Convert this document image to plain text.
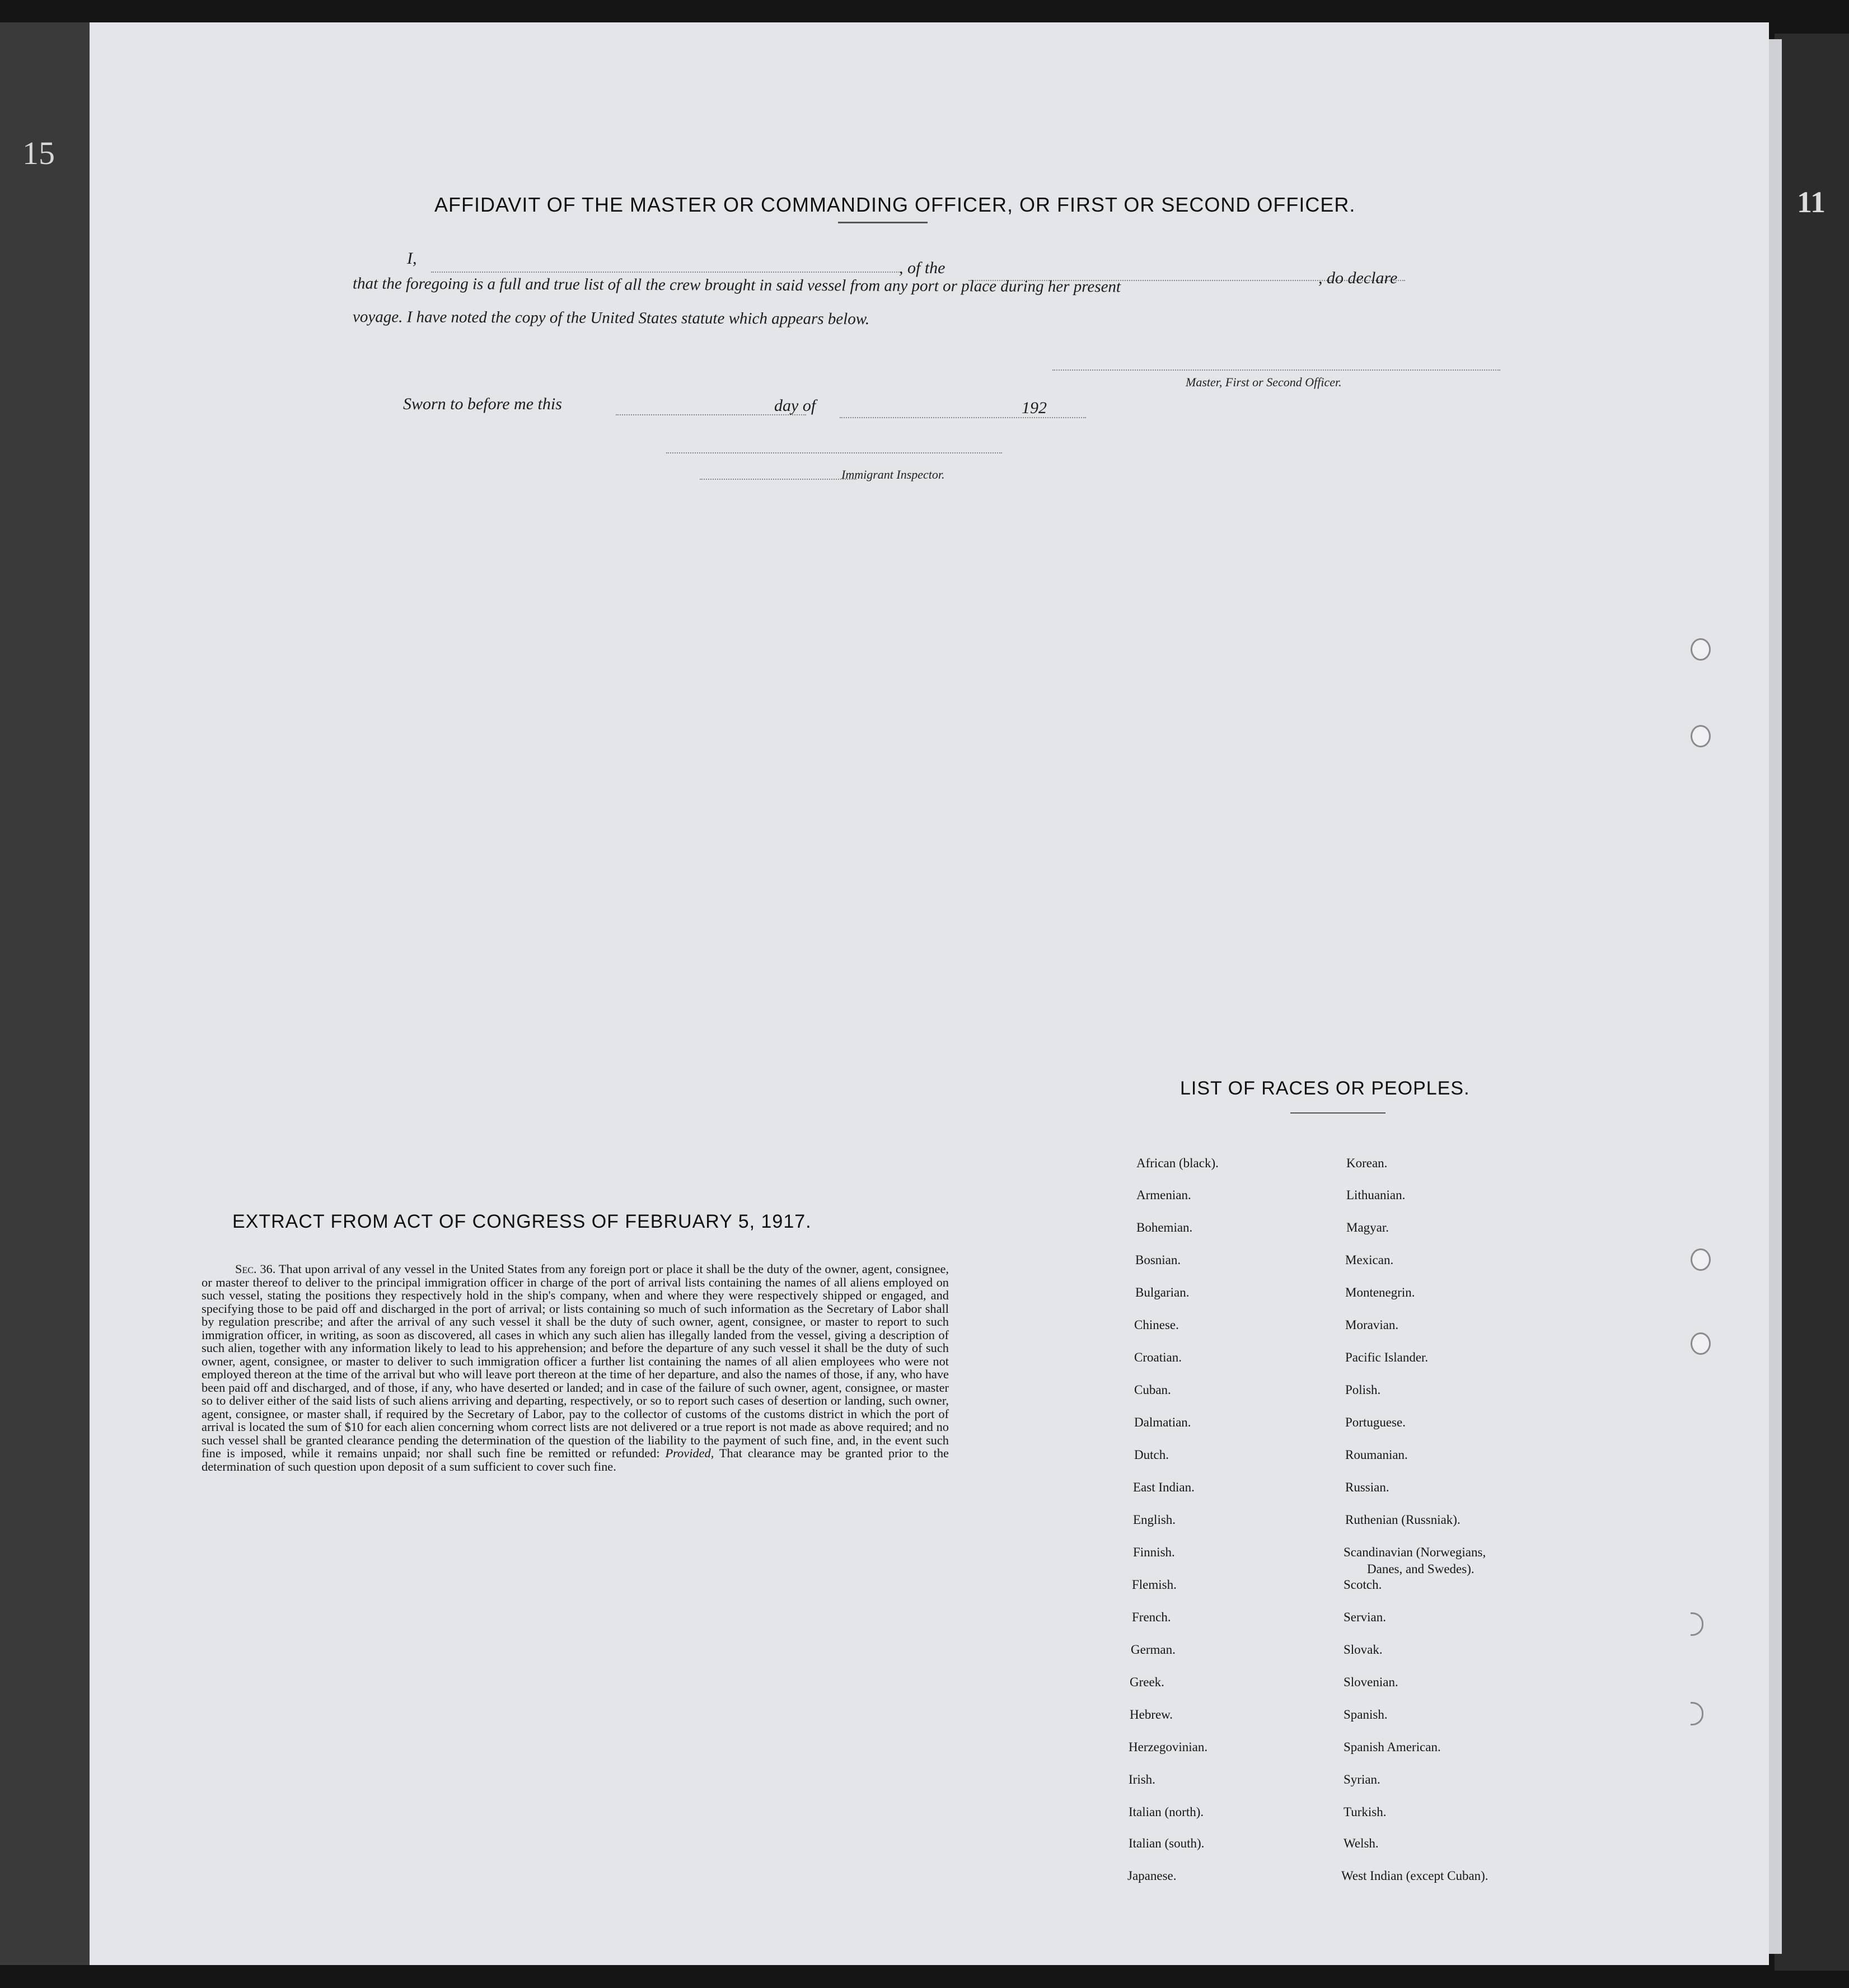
15
11
AFFIDAVIT OF THE MASTER OR COMMANDING OFFICER, OR FIRST OR SECOND OFFICER.
I,
, of the
, do declare
that the foregoing is a full and true list of all the crew brought in said vessel from any port or place during her present
voyage. I have noted the copy of the United States statute which appears below.
Master, First or Second Officer.
Sworn to before me this	day of	192
Immigrant Inspector.
EXTRACT FROM ACT OF CONGRESS OF FEBRUARY 5, 1917.
Sec. 36. That upon arrival of any vessel in the United States from any foreign port or place it shall be the duty of the owner, agent, consignee, or master thereof to deliver to the principal immigration officer in charge of the port of arrival lists containing the names of all aliens employed on such vessel, stating the positions they respectively hold in the ship's company, when and where they were respectively shipped or engaged, and specifying those to be paid off and discharged in the port of arrival; or lists containing so much of such information as the Secretary of Labor shall by regulation prescribe; and after the arrival of any such vessel it shall be the duty of such owner, agent, consignee, or master to report to such immigration officer, in writing, as soon as discovered, all cases in which any such alien has illegally landed from the vessel, giving a description of such alien, together with any information likely to lead to his apprehension; and before the departure of any such vessel it shall be the duty of such owner, agent, consignee, or master to deliver to such immigration officer a further list containing the names of all alien employees who were not employed thereon at the time of the arrival but who will leave port thereon at the time of her departure, and also the names of those, if any, who have been paid off and discharged, and of those, if any, who have deserted or landed; and in case of the failure of such owner, agent, consignee, or master so to deliver either of the said lists of such aliens arriving and departing, respectively, or so to report such cases of desertion or landing, such owner, agent, consignee, or master shall, if required by the Secretary of Labor, pay to the collector of customs of the customs district in which the port of arrival is located the sum of $10 for each alien concerning whom correct lists are not delivered or a true report is not made as above required; and no such vessel shall be granted clearance pending the determination of the question of the liability to the payment of such fine, and, in the event such fine is imposed, while it remains unpaid; nor shall such fine be remitted or refunded: Provided, That clearance may be granted prior to the determination of such question upon deposit of a sum sufficient to cover such fine.
LIST OF RACES OR PEOPLES.
African (black).
Armenian.
Bohemian.
Bosnian.
Bulgarian.
Chinese.
Croatian.
Cuban.
Dalmatian.
Dutch.
East Indian.
English.
Finnish.
Flemish.
French.
German.
Greek.
Hebrew.
Herzegovinian.
Irish.
Italian (north).
Italian (south).
Japanese.
Korean.
Lithuanian.
Magyar.
Mexican.
Montenegrin.
Moravian.
Pacific Islander.
Polish.
Portuguese.
Roumanian.
Russian.
Ruthenian (Russniak).
Scandinavian (Norwegians,
Danes, and Swedes).
Scotch.
Servian.
Slovak.
Slovenian.
Spanish.
Spanish American.
Syrian.
Turkish.
Welsh.
West Indian (except Cuban).
